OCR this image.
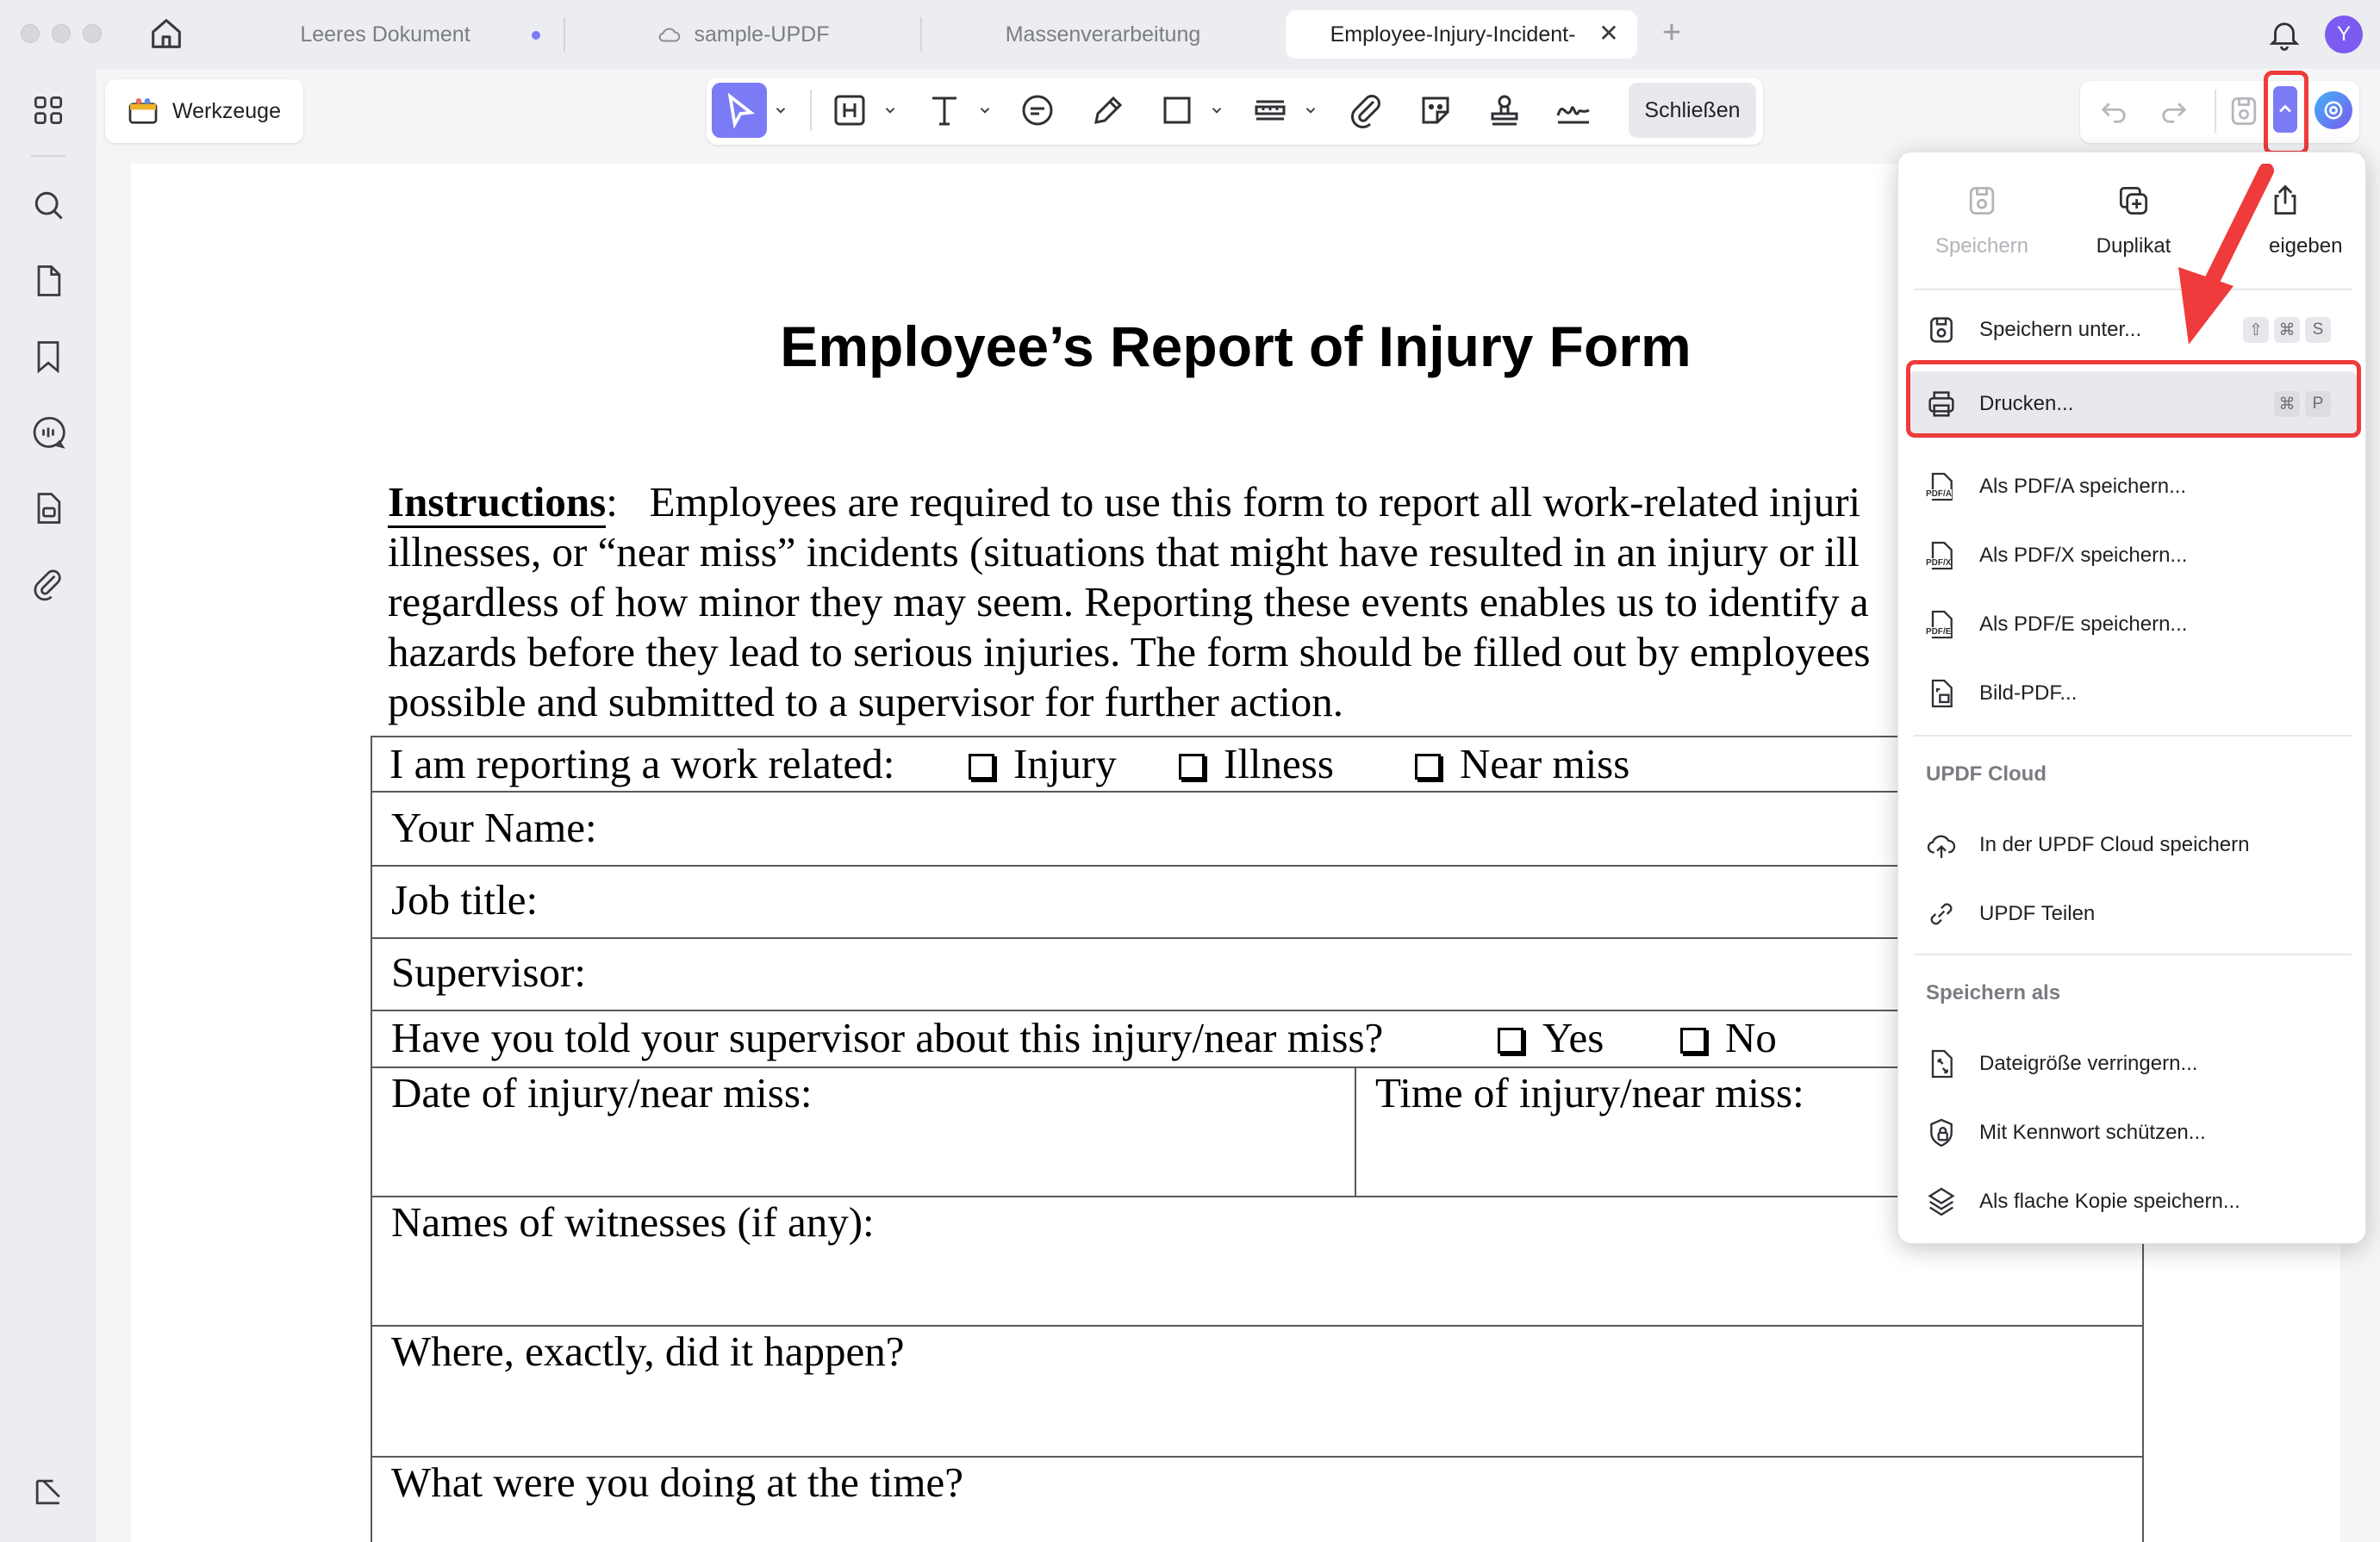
Leeres Dokument	sample-UPDF	Massenverarbeitung	Employee-Injury-Incident- ✕ +	Y
Werkzeuge	Schließen
Employee’s Report of Injury Form
Instructions: Employees are required to use this form to report all work-related injuri
illnesses, or “near miss” incidents (situations that might have resulted in an injury or ill
regardless of how minor they may seem. Reporting these events enables us to identify a
hazards before they lead to serious injuries. The form should be filled out by employees
possible and submitted to a supervisor for further action.
I am reporting a work related:	Injury	Illness	Near miss
Your Name:
Job title:
Supervisor:
Have you told your supervisor about this injury/near miss?	Yes	No
Date of injury/near miss:	Time of injury/near miss:
Names of witnesses (if any):
Where, exactly, did it happen?
What were you doing at the time?
Speichern	Duplikat	eigeben
Speichern unter...	⇧ ⌘	S
Drucken...	⌘	P
PDF/A Als PDF/A speichern...
PDF/X Als PDF/X speichern...
PDF/E Als PDF/E speichern...
Bild-PDF...
UPDF Cloud
In der UPDF Cloud speichern
UPDF Teilen
Speichern als
Dateigröße verringern...
Mit Kennwort schützen...
Als flache Kopie speichern...
